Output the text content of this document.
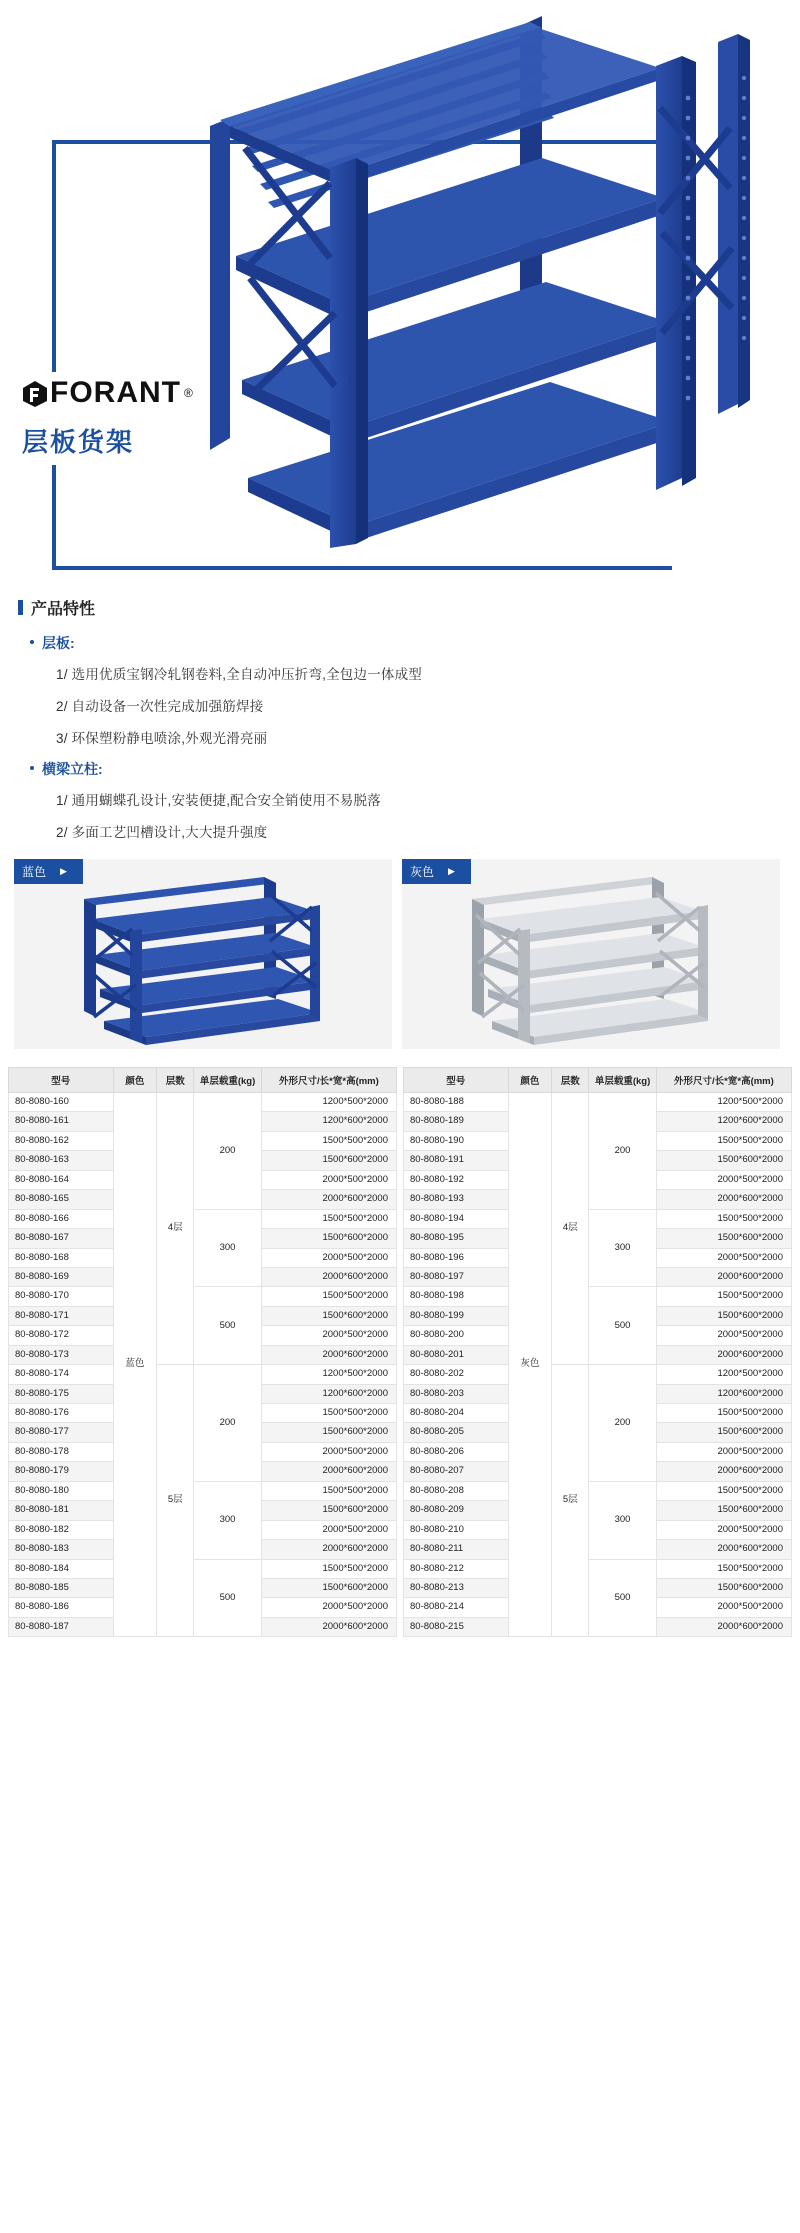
FORANT ®
层板货架
产品特性
层板:
1/ 选用优质宝钢冷轧钢卷料,全自动冲压折弯,全包边一体成型
2/ 自动设备一次性完成加强筋焊接
3/ 环保塑粉静电喷涂,外观光滑亮丽
横梁立柱:
1/ 通用蝴蝶孔设计,安装便捷,配合安全销使用不易脱落
2/ 多面工艺凹槽设计,大大提升强度
蓝色 ▶	灰色 ▶
型号	颜色	层数	单层载重(kg)	外形尺寸/长*宽*高(mm)
80-8080-160	蓝色	4层	200	1200*500*2000
80-8080-161				1200*600*2000
80-8080-162				1500*500*2000
80-8080-163				1500*600*2000
80-8080-164				2000*500*2000
80-8080-165				2000*600*2000
80-8080-166			300	1500*500*2000
80-8080-167				1500*600*2000
80-8080-168				2000*500*2000
80-8080-169				2000*600*2000
80-8080-170			500	1500*500*2000
80-8080-171				1500*600*2000
80-8080-172				2000*500*2000
80-8080-173				2000*600*2000
80-8080-174		5层	200	1200*500*2000
80-8080-175				1200*600*2000
80-8080-176				1500*500*2000
80-8080-177				1500*600*2000
80-8080-178				2000*500*2000
80-8080-179				2000*600*2000
80-8080-180			300	1500*500*2000
80-8080-181				1500*600*2000
80-8080-182				2000*500*2000
80-8080-183				2000*600*2000
80-8080-184			500	1500*500*2000
80-8080-185				1500*600*2000
80-8080-186				2000*500*2000
80-8080-187				2000*600*2000
型号	颜色	层数	单层载重(kg)	外形尺寸/长*宽*高(mm)
80-8080-188	灰色	4层	200	1200*500*2000
80-8080-189				1200*600*2000
80-8080-190				1500*500*2000
80-8080-191				1500*600*2000
80-8080-192				2000*500*2000
80-8080-193				2000*600*2000
80-8080-194			300	1500*500*2000
80-8080-195				1500*600*2000
80-8080-196				2000*500*2000
80-8080-197				2000*600*2000
80-8080-198			500	1500*500*2000
80-8080-199				1500*600*2000
80-8080-200				2000*500*2000
80-8080-201				2000*600*2000
80-8080-202		5层	200	1200*500*2000
80-8080-203				1200*600*2000
80-8080-204				1500*500*2000
80-8080-205				1500*600*2000
80-8080-206				2000*500*2000
80-8080-207				2000*600*2000
80-8080-208			300	1500*500*2000
80-8080-209				1500*600*2000
80-8080-210				2000*500*2000
80-8080-211				2000*600*2000
80-8080-212			500	1500*500*2000
80-8080-213				1500*600*2000
80-8080-214				2000*500*2000
80-8080-215				2000*600*2000
